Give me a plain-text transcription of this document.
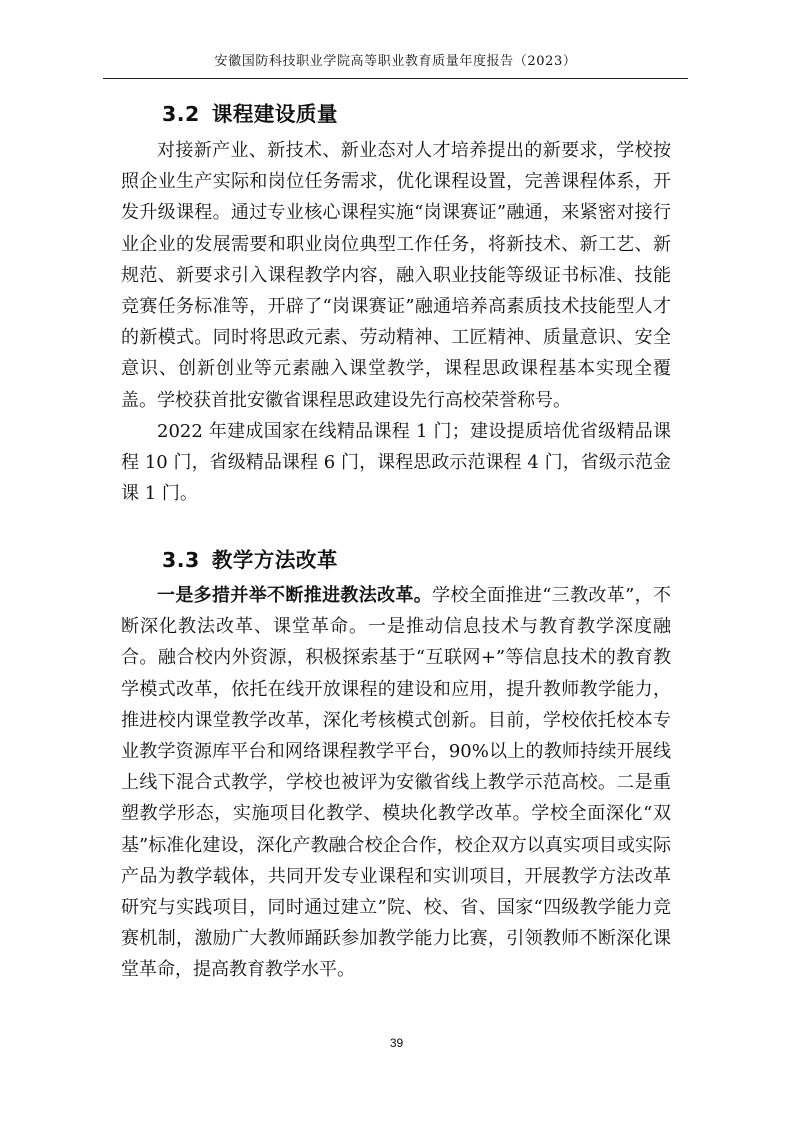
安徽国防科技职业学院高等职业教育质量年度报告（2023）
3.2 课程建设质量

对接新产业、新技术、新业态对人才培养提出的新要求，学校按照企业生产实际和岗位任务需求，优化课程设置，完善课程体系，开发升级课程。通过专业核心课程实施“岗课赛证”融通，来紧密对接行业企业的发展需要和职业岗位典型工作任务，将新技术、新工艺、新规范、新要求引入课程教学内容，融入职业技能等级证书标准、技能竞赛任务标准等，开辟了“岗课赛证”融通培养高素质技术技能型人才的新模式。同时将思政元素、劳动精神、工匠精神、质量意识、安全意识、创新创业等元素融入课堂教学，课程思政课程基本实现全覆盖。学校获首批安徽省课程思政建设先行高校荣誉称号。

2022 年建成国家在线精品课程 1 门；建设提质培优省级精品课程 10 门，省级精品课程 6 门，课程思政示范课程 4 门，省级示范金课 1 门。

3.3 教学方法改革

一是多措并举不断推进教法改革。学校全面推进“三教改革”，不断深化教法改革、课堂革命。一是推动信息技术与教育教学深度融合。融合校内外资源，积极探索基于“互联网+”等信息技术的教育教学模式改革，依托在线开放课程的建设和应用，提升教师教学能力，推进校内课堂教学改革，深化考核模式创新。目前，学校依托校本专业教学资源库平台和网络课程教学平台，90%以上的教师持续开展线上线下混合式教学，学校也被评为安徽省线上教学示范高校。二是重塑教学形态，实施项目化教学、模块化教学改革。学校全面深化“双基”标准化建设，深化产教融合校企合作，校企双方以真实项目或实际产品为教学载体，共同开发专业课程和实训项目，开展教学方法改革研究与实践项目，同时通过建立”院、校、省、国家“四级教学能力竞赛机制，激励广大教师踊跃参加教学能力比赛，引领教师不断深化课堂革命，提高教育教学水平。

39
